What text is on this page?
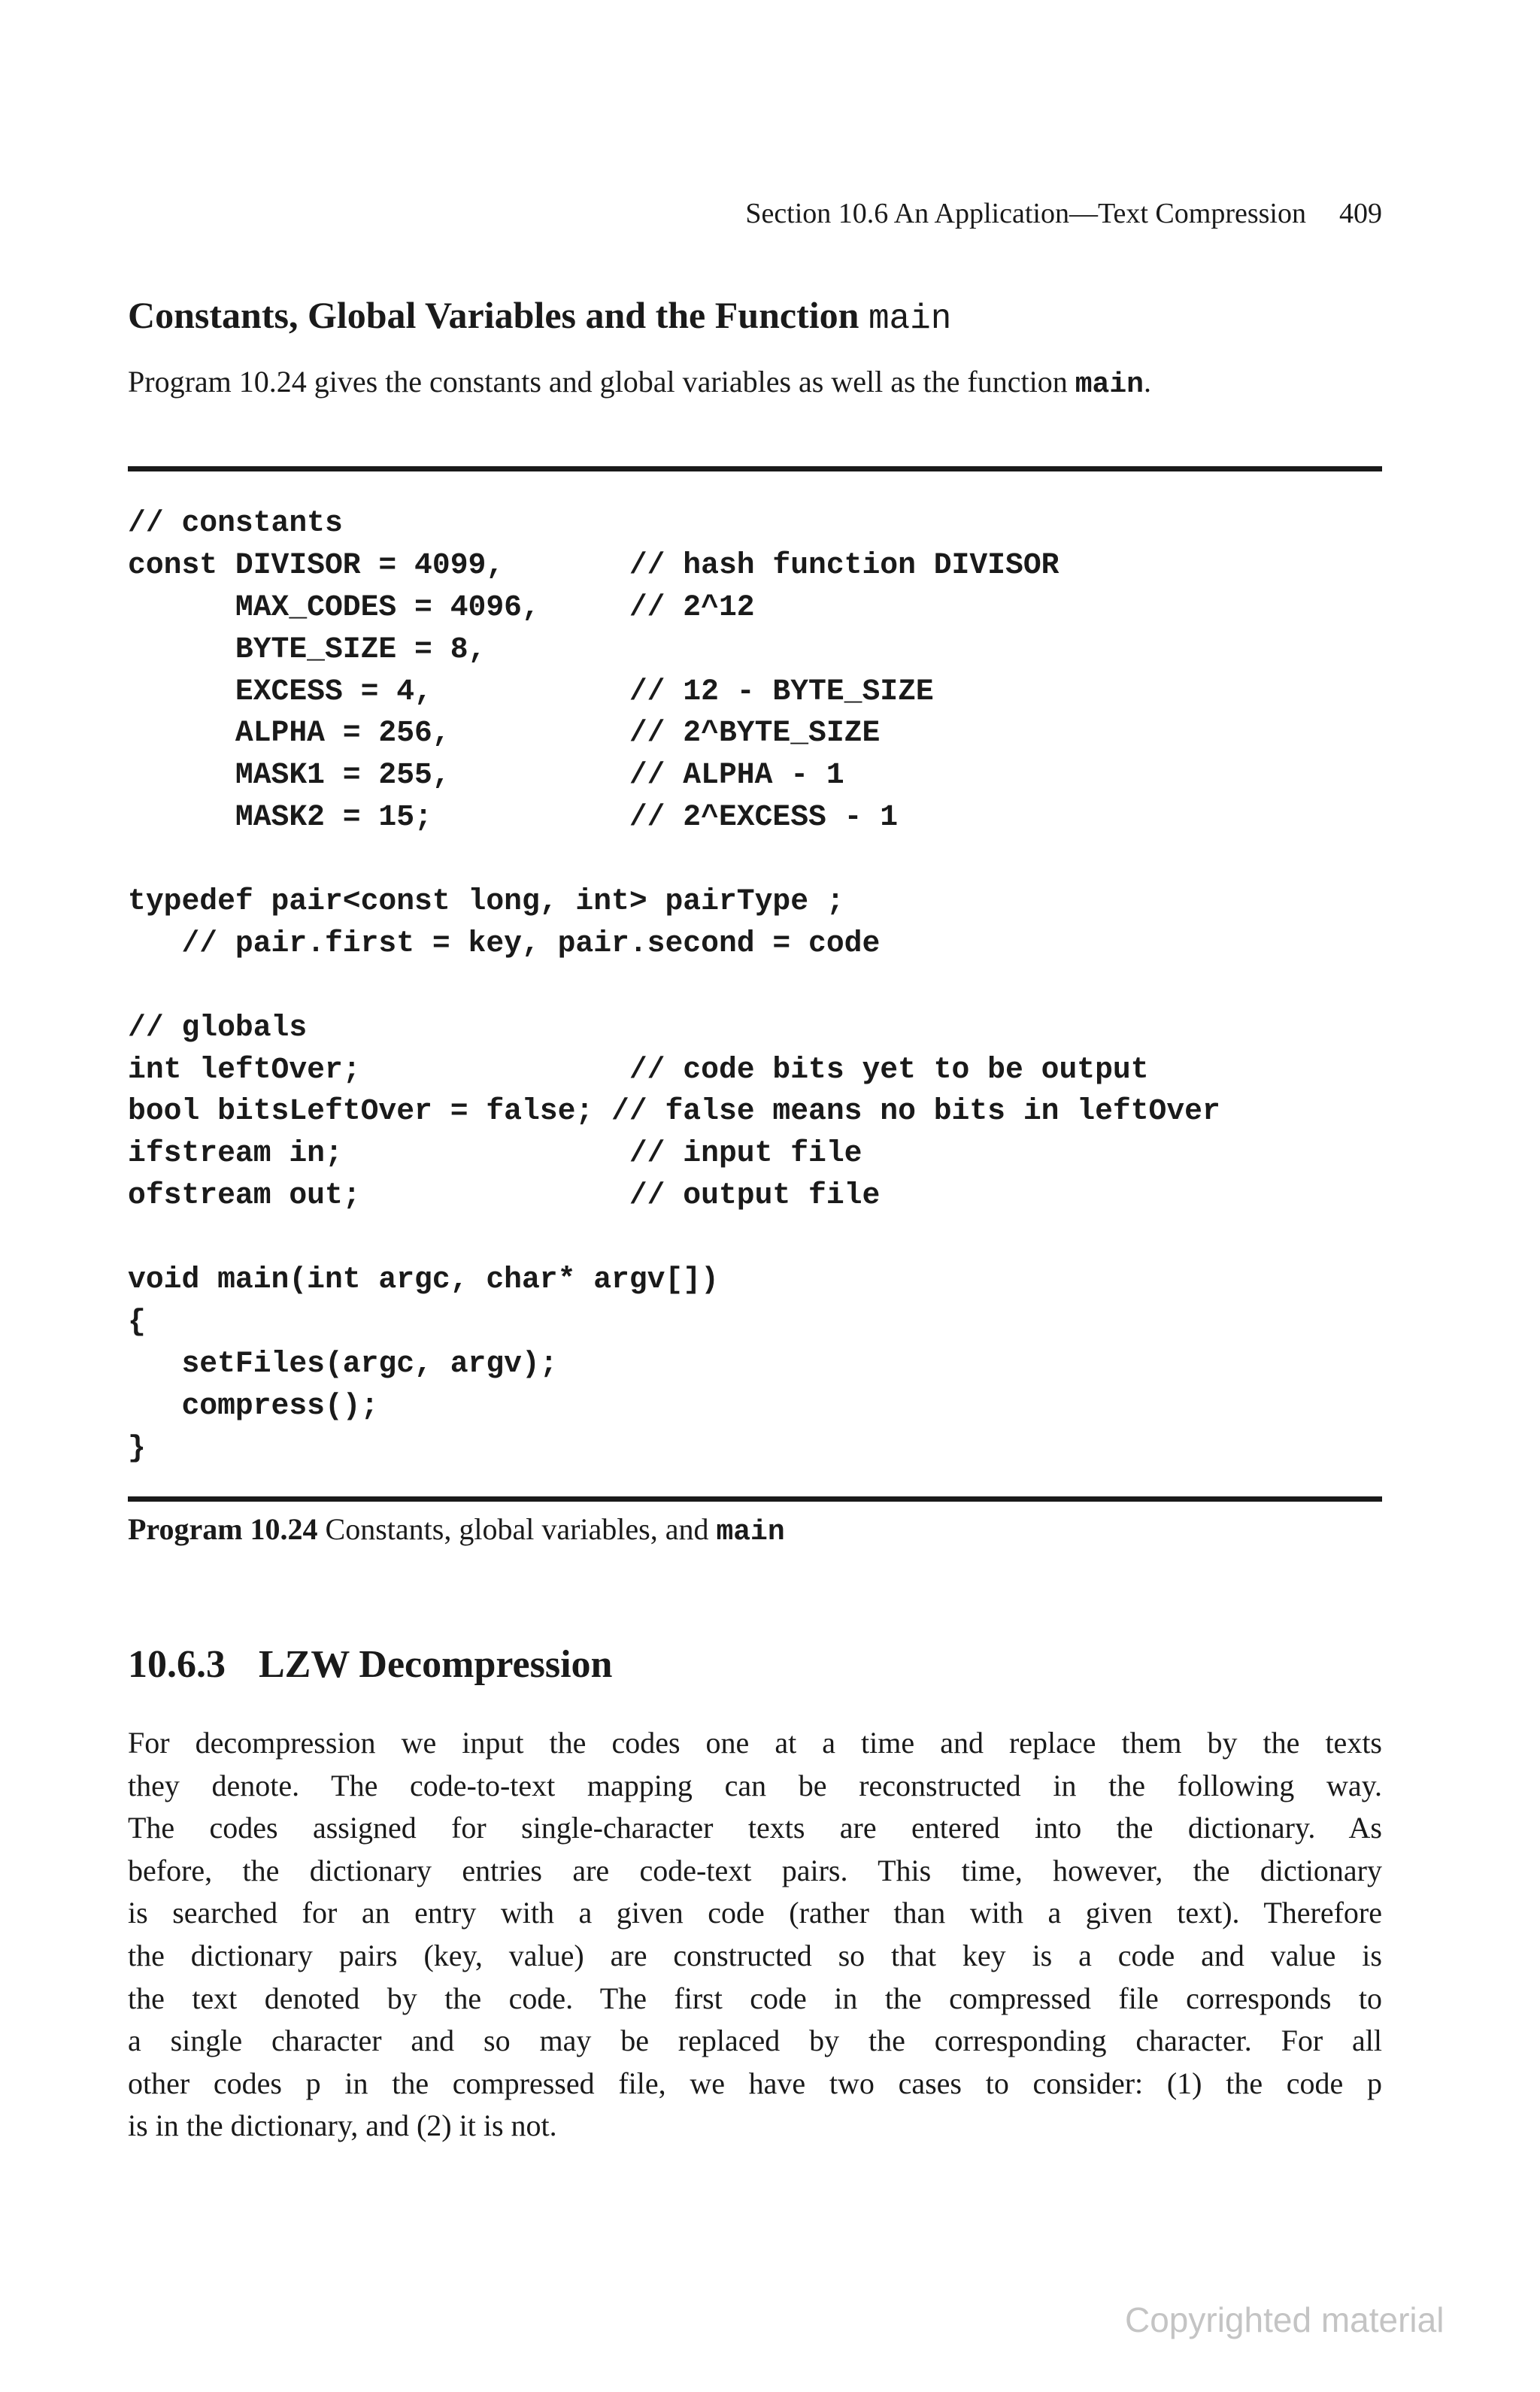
Section 10.6 An Application—Text Compression 409
Constants, Global Variables and the Function main
Program 10.24 gives the constants and global variables as well as the function main.
// constants
const DIVISOR = 4099,       // hash function DIVISOR
MAX_CODES = 4096,     // 2^12
BYTE_SIZE = 8,
EXCESS = 4,           // 12 - BYTE_SIZE
ALPHA = 256,          // 2^BYTE_SIZE
MASK1 = 255,          // ALPHA - 1
MASK2 = 15;           // 2^EXCESS - 1
typedef pair<const long, int> pairType ;
// pair.first = key, pair.second = code
// globals
int leftOver;               // code bits yet to be output
bool bitsLeftOver = false; // false means no bits in leftOver
ifstream in;                // input file
ofstream out;               // output file
void main(int argc, char* argv[])
{
setFiles(argc, argv);
compress();
}
Program 10.24 Constants, global variables, and main
10.6.3 LZW Decompression
For decompression we input the codes one at a time and replace them by the texts
they denote. The code-to-text mapping can be reconstructed in the following way.
The codes assigned for single-character texts are entered into the dictionary. As
before, the dictionary entries are code-text pairs. This time, however, the dictionary
is searched for an entry with a given code (rather than with a given text). Therefore
the dictionary pairs (key, value) are constructed so that key is a code and value is
the text denoted by the code. The first code in the compressed file corresponds to
a single character and so may be replaced by the corresponding character. For all
other codes p in the compressed file, we have two cases to consider: (1) the code p
is in the dictionary, and (2) it is not.
Copyrighted material
